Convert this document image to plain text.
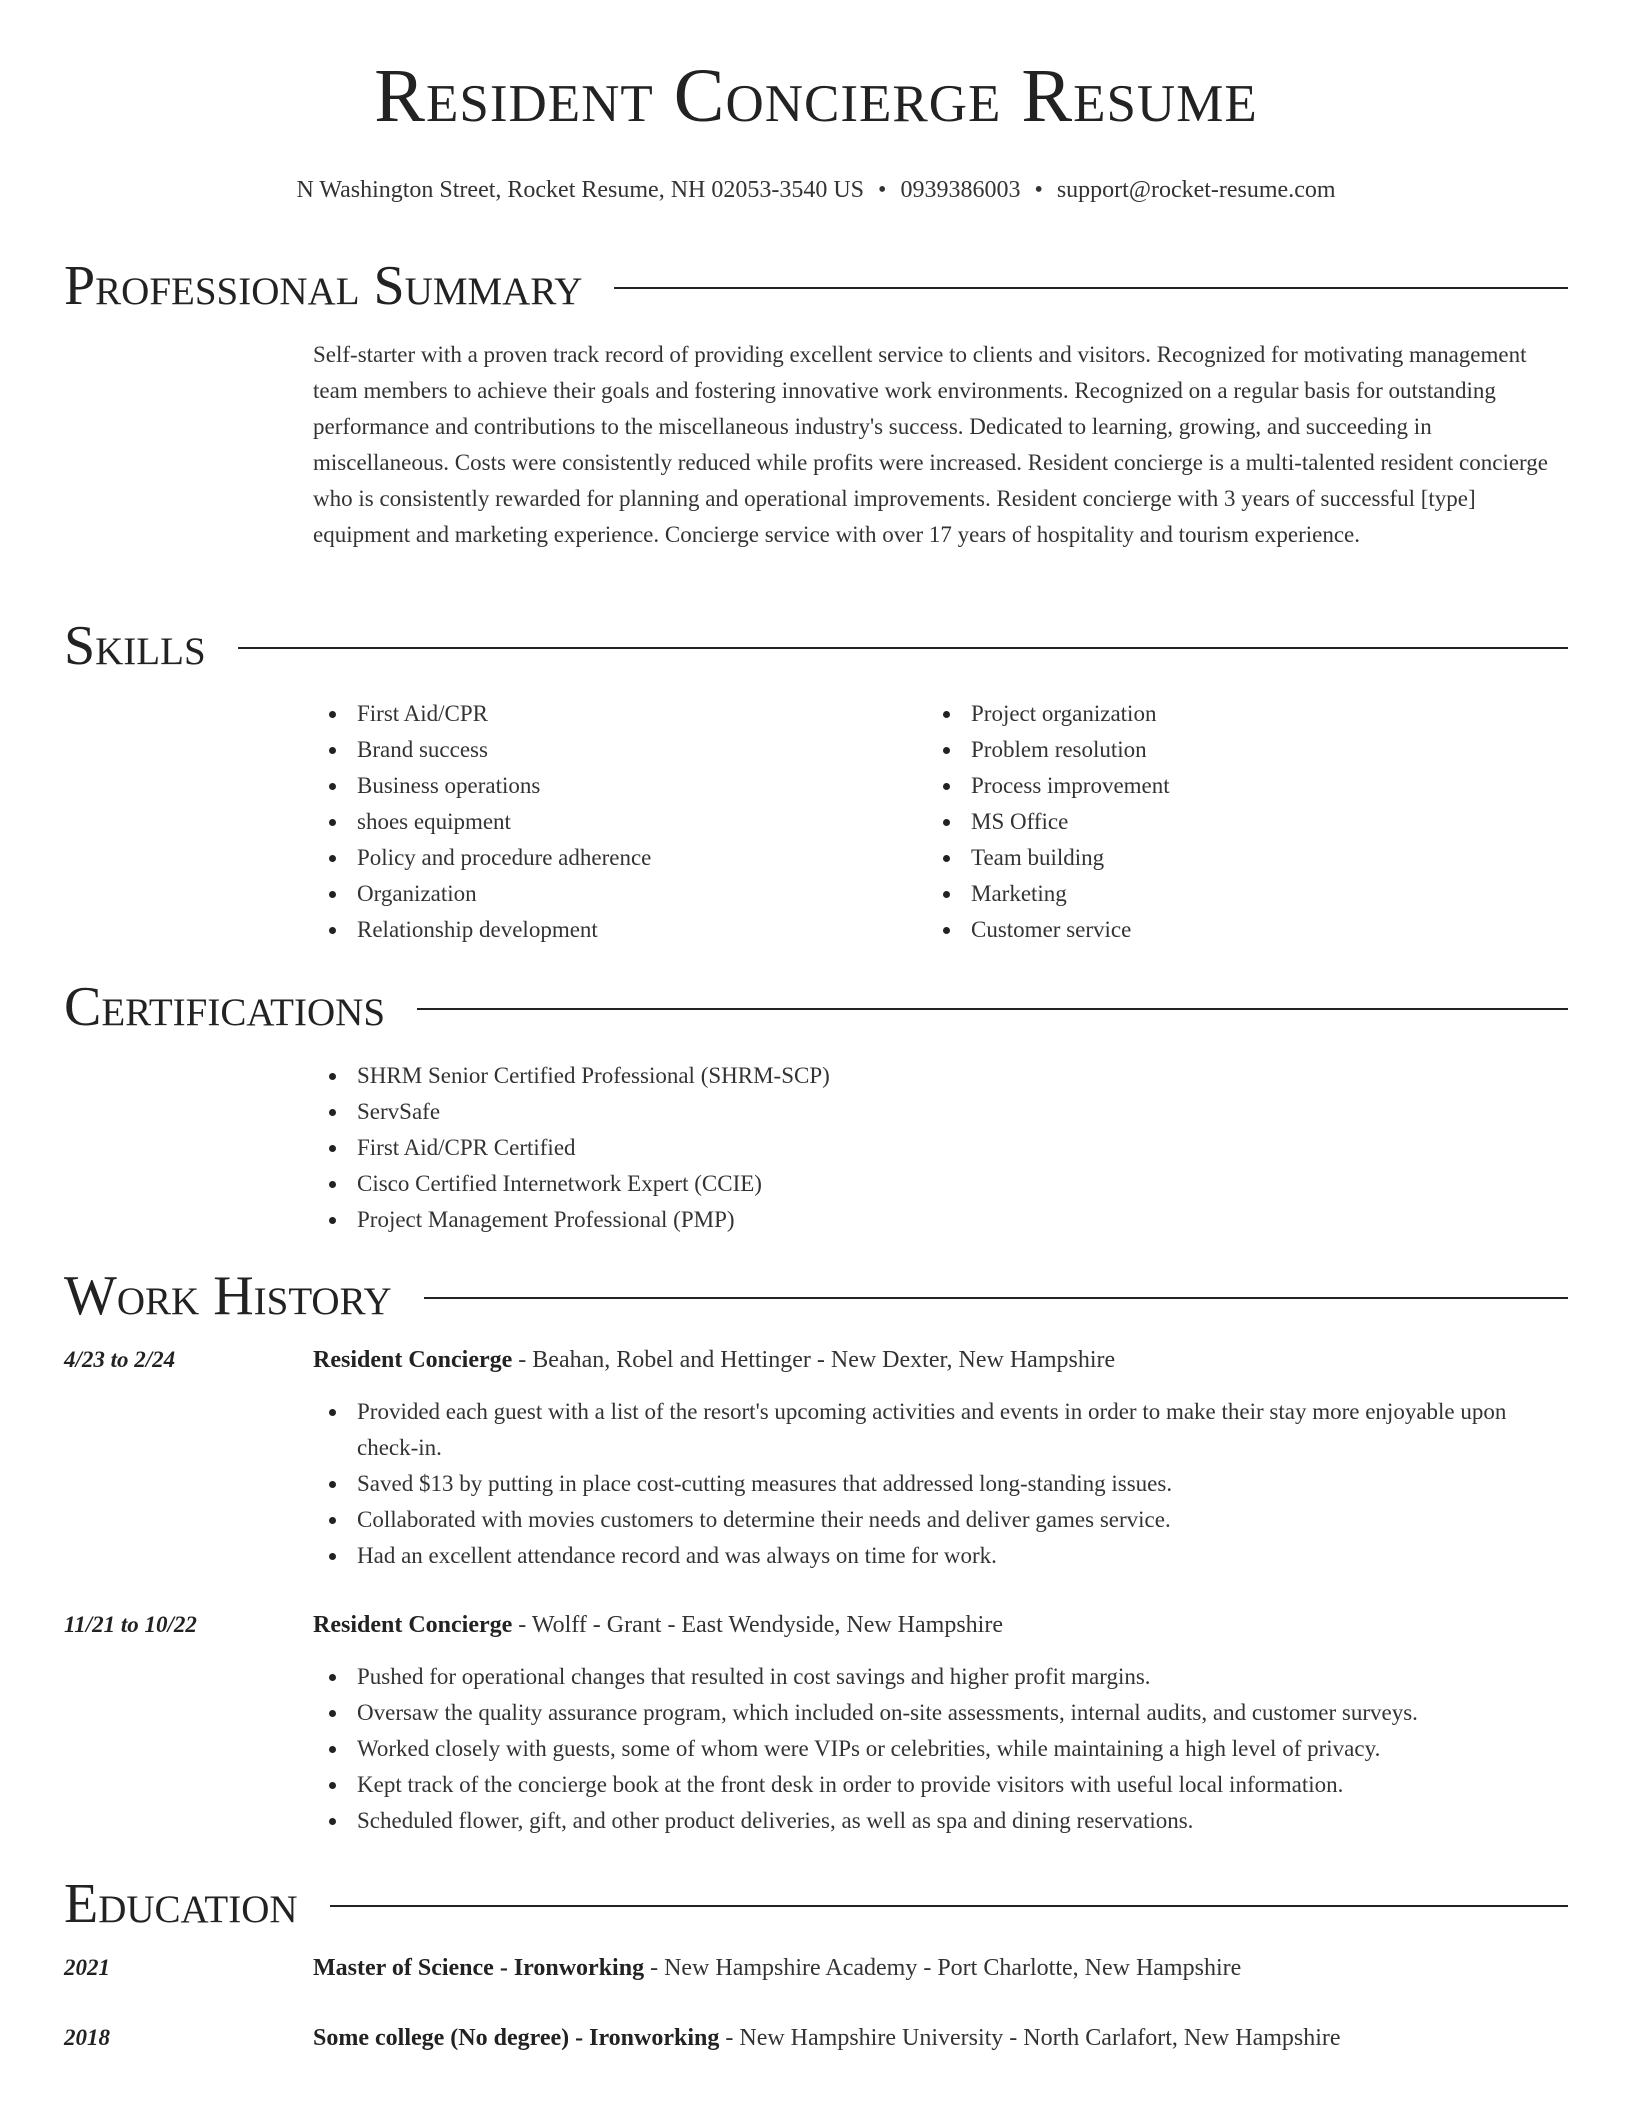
Resident Concierge Resume
N Washington Street, Rocket Resume, NH 02053-3540 US • 0939386003 • support@rocket-resume.com
Professional Summary

Self-starter with a proven track record of providing excellent service to clients and visitors. Recognized for motivating management team members to achieve their goals and fostering innovative work environments. Recognized on a regular basis for outstanding performance and contributions to the miscellaneous industry's success. Dedicated to learning, growing, and succeeding in miscellaneous. Costs were consistently reduced while profits were increased. Resident concierge is a multi-talented resident concierge who is consistently rewarded for planning and operational improvements. Resident concierge with 3 years of successful [type] equipment and marketing experience. Concierge service with over 17 years of hospitality and tourism experience.

Skills
First Aid/CPR
Brand success
Business operations
shoes equipment
Policy and procedure adherence
Organization
Relationship development
Project organization
Problem resolution
Process improvement
MS Office
Team building
Marketing
Customer service
Certifications
SHRM Senior Certified Professional (SHRM-SCP)
ServSafe
First Aid/CPR Certified
Cisco Certified Internetwork Expert (CCIE)
Project Management Professional (PMP)
Work History
4/23 to 2/24	Resident Concierge - Beahan, Robel and Hettinger - New Dexter, New Hampshire
Provided each guest with a list of the resort's upcoming activities and events in order to make their stay more enjoyable upon check-in.
Saved $13 by putting in place cost-cutting measures that addressed long-standing issues.
Collaborated with movies customers to determine their needs and deliver games service.
Had an excellent attendance record and was always on time for work.
11/21 to 10/22	Resident Concierge - Wolff - Grant - East Wendyside, New Hampshire
Pushed for operational changes that resulted in cost savings and higher profit margins.
Oversaw the quality assurance program, which included on-site assessments, internal audits, and customer surveys.
Worked closely with guests, some of whom were VIPs or celebrities, while maintaining a high level of privacy.
Kept track of the concierge book at the front desk in order to provide visitors with useful local information.
Scheduled flower, gift, and other product deliveries, as well as spa and dining reservations.
Education
2021	Master of Science - Ironworking - New Hampshire Academy - Port Charlotte, New Hampshire
2018	Some college (No degree) - Ironworking - New Hampshire University - North Carlafort, New Hampshire
